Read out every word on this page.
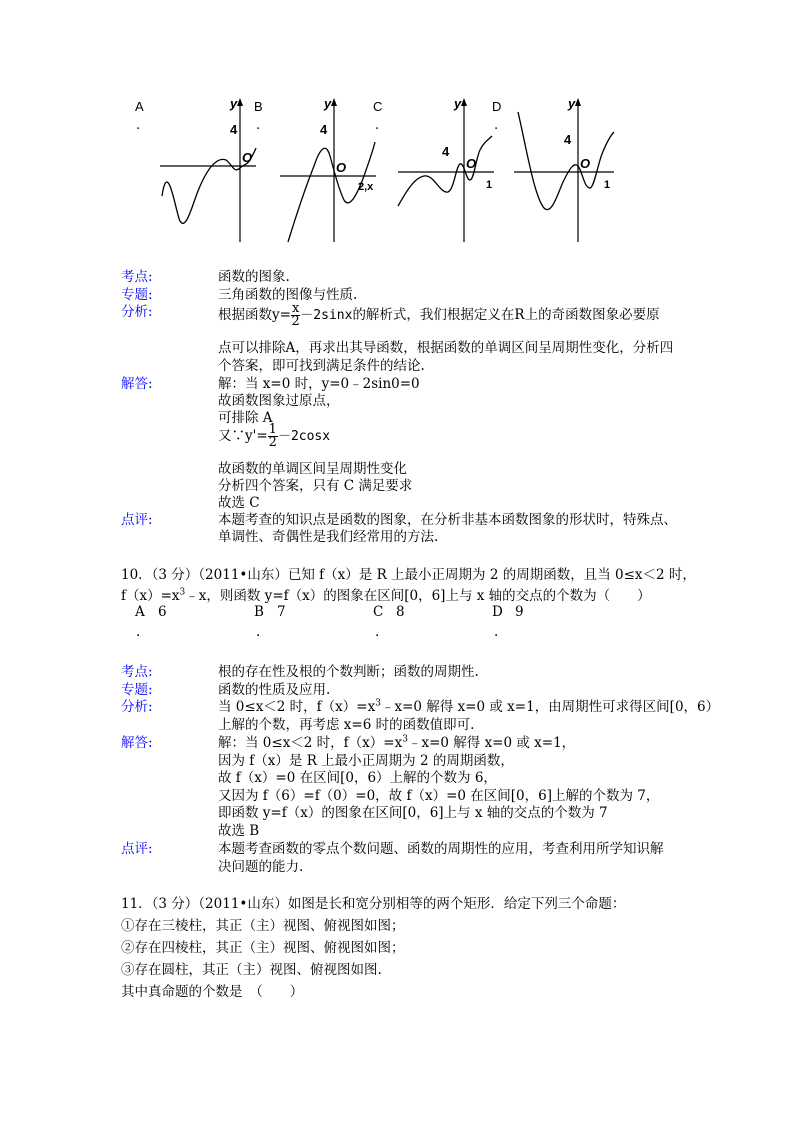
A
.
B
.
C
.
D
.
4
O
y
4
O
y
2,x
4
O
y
1
4
O
y
1
考点:	函数的图象.
专题:	三角函数的图像与性质.
分析:	根据函数$y= \frac{x}{2} -2\sin x$的解析式，我们根据定义在R上的奇函数图象必要原
点可以排除A，再求出其导函数，根据函数的单调区间呈周期性变化，分析四
个答案，即可找到满足条件的结论.
解答:	解：当 x=0 时，y=0﹣2sin0=0
故函数图象过原点，
可排除 A
又∵y'= $\frac{1}{2} -2\cos x$
故函数的单调区间呈周期性变化
分析四个答案，只有 C 满足要求
故选 C
点评:	本题考查的知识点是函数的图象，在分析非基本函数图象的形状时，特殊点、
单调性、奇偶性是我们经常用的方法.
10．（3 分）（2011•山东）已知 f（x）是 R 上最小正周期为 2 的周期函数，且当 0≤x＜2 时，
$f(x)=x^3﹣x$，则函数 y=f（x）的图象在区间[0，6]上与 x 轴的交点的个数为（　　）
A 6
.
B 7
.
C 8
.
D 9
.
考点:	根的存在性及根的个数判断；函数的周期性.
专题:	函数的性质及应用.
分析:	当 0≤x＜2 时，$f(x)=x^3﹣x=0$ 解得 x=0 或 x=1，由周期性可求得区间[0，6）
上解的个数，再考虑 x=6 时的函数值即可.
解答:	解：当 0≤x＜2 时，$f(x)=x^3﹣x=0$ 解得 x=0 或 x=1，
因为 f（x）是 R 上最小正周期为 2 的周期函数，
故 f（x）=0 在区间[0，6）上解的个数为 6，
又因为 f（6）=f（0）=0，故 f（x）=0 在区间[0，6]上解的个数为 7，
即函数 y=f（x）的图象在区间[0，6]上与 x 轴的交点的个数为 7
故选 B
点评:	本题考查函数的零点个数问题、函数的周期性的应用，考查利用所学知识解
决问题的能力.
11．（3 分）（2011•山东）如图是长和宽分别相等的两个矩形．给定下列三个命题：
①存在三棱柱，其正（主）视图、俯视图如图；
②存在四棱柱，其正（主）视图、俯视图如图；
③存在圆柱，其正（主）视图、俯视图如图.
其中真命题的个数是　（　　）
